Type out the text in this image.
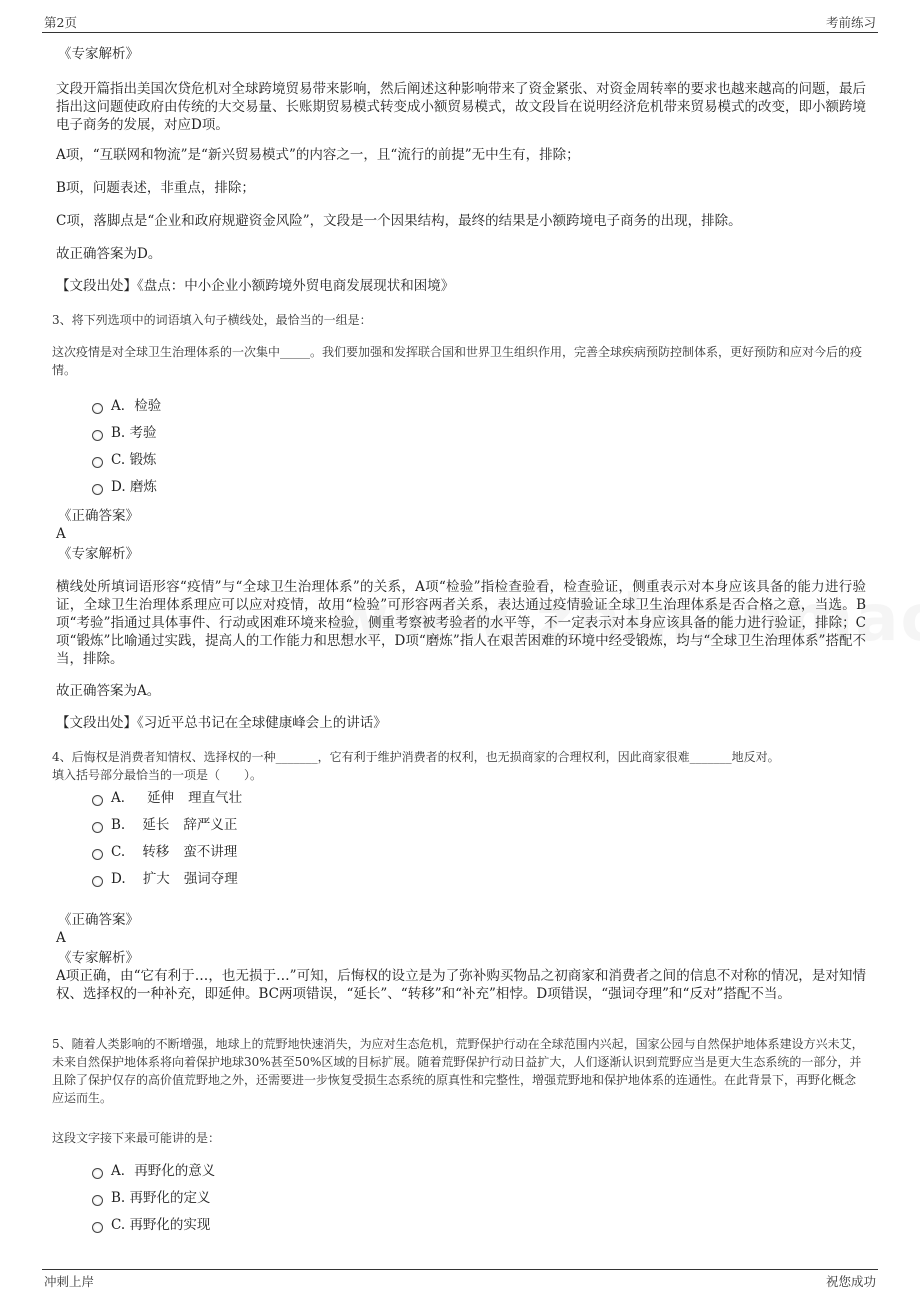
第2页	考前练习
《专家解析》
文段开篇指出美国次贷危机对全球跨境贸易带来影响，然后阐述这种影响带来了资金紧张、对资金周转率的要求也越来越高的问题，最后指出这问题使政府由传统的大交易量、长账期贸易模式转变成小额贸易模式，故文段旨在说明经济危机带来贸易模式的改变，即小额跨境电子商务的发展，对应D项。
A项，“互联网和物流”是“新兴贸易模式”的内容之一，且“流行的前提”无中生有，排除；
B项，问题表述，非重点，排除；
C项，落脚点是“企业和政府规避资金风险”，文段是一个因果结构，最终的结果是小额跨境电子商务的出现，排除。
故正确答案为D。
【文段出处】《盘点：中小企业小额跨境外贸电商发展现状和困境》
3、将下列选项中的词语填入句子横线处，最恰当的一组是：
这次疫情是对全球卫生治理体系的一次集中_____。我们要加强和发挥联合国和世界卫生组织作用，完善全球疾病预防控制体系，更好预防和应对今后的疫情。
A．检验
B. 考验
C. 锻炼
D. 磨炼
《正确答案》
A
《专家解析》
横线处所填词语形容“疫情”与“全球卫生治理体系”的关系，A项“检验”指检查验看，检查验证，侧重表示对本身应该具备的能力进行验证，全球卫生治理体系理应可以应对疫情，故用“检验”可形容两者关系，表达通过疫情验证全球卫生治理体系是否合格之意，当选。B项“考验”指通过具体事件、行动或困难环境来检验，侧重考察被考验者的水平等，不一定表示对本身应该具备的能力进行验证，排除；C项“锻炼”比喻通过实践，提高人的工作能力和思想水平，D项“磨炼”指人在艰苦困难的环境中经受锻炼，均与“全球卫生治理体系”搭配不当，排除。
故正确答案为A。
【文段出处】《习近平总书记在全球健康峰会上的讲话》
4、后悔权是消费者知情权、选择权的一种_______，它有利于维护消费者的权利，也无损商家的合理权利，因此商家很难_______地反对。
填入括号部分最恰当的一项是（　　）。
A． 延伸 理直气壮
B. 延长 辞严义正
C. 转移 蛮不讲理
D. 扩大 强词夺理
《正确答案》
A
《专家解析》
A项正确，由“它有利于…，也无损于…”可知，后悔权的设立是为了弥补购买物品之初商家和消费者之间的信息不对称的情况，是对知情权、选择权的一种补充，即延伸。BC两项错误，“延长”、“转移”和“补充”相悖。D项错误，“强词夺理”和“反对”搭配不当。
5、随着人类影响的不断增强，地球上的荒野地快速消失，为应对生态危机，荒野保护行动在全球范围内兴起，国家公园与自然保护地体系建设方兴未艾，未来自然保护地体系将向着保护地球30%甚至50%区域的目标扩展。随着荒野保护行动日益扩大，人们逐渐认识到荒野应当是更大生态系统的一部分，并且除了保护仅存的高价值荒野地之外，还需要进一步恢复受损生态系统的原真性和完整性，增强荒野地和保护地体系的连通性。在此背景下，再野化概念应运而生。
这段文字接下来最可能讲的是：
A．再野化的意义
B. 再野化的定义
C. 再野化的实现
冲刺上岸	祝您成功
